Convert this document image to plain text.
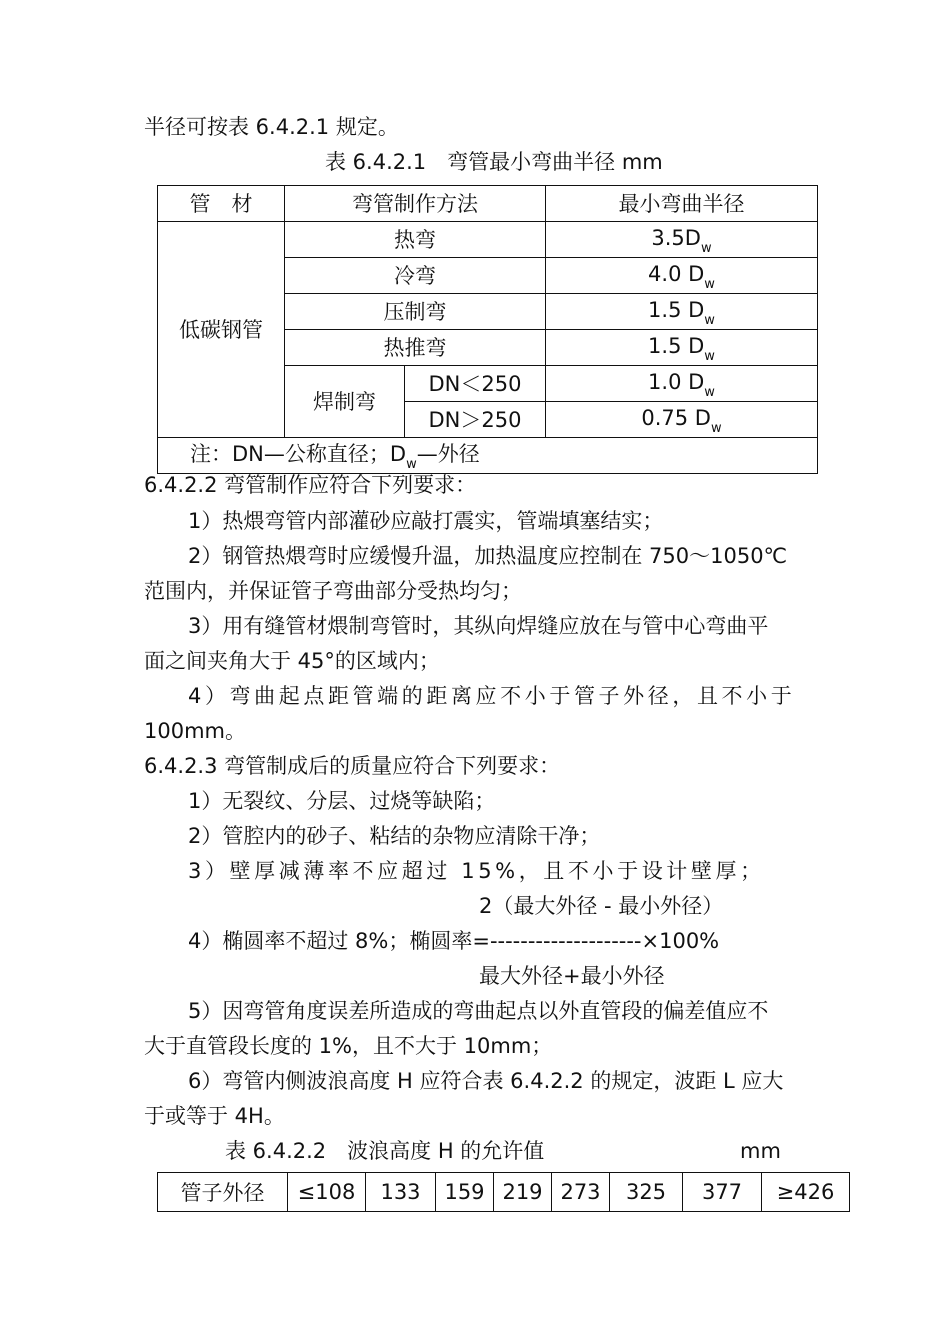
半径可按表 6.4.2.1 规定。
表 6.4.2.1　弯管最小弯曲半径 mm
管　材	弯管制作方法		最小弯曲半径
低碳钢管	热弯		$3.5D_w$
	冷弯		4.0 $D_w$
	压制弯		1.5 $D_w$
	热推弯		1.5 $D_w$
	焊制弯	DN＜250	1.0 $D_w$
		DN＞250	0.75 $D_w$
注：DN—公称直径；$D_w—$外径			
6.4.2.2 弯管制作应符合下列要求：
1）热煨弯管内部灌砂应敲打震实，管端填塞结实；
2）钢管热煨弯时应缓慢升温，加热温度应控制在 750～1050℃
范围内，并保证管子弯曲部分受热均匀；
3）用有缝管材煨制弯管时，其纵向焊缝应放在与管中心弯曲平
面之间夹角大于 45°的区域内；
4）弯曲起点距管端的距离应不小于管子外径，且不小于
100mm。
6.4.2.3 弯管制成后的质量应符合下列要求：
1）无裂纹、分层、过烧等缺陷；
2）管腔内的砂子、粘结的杂物应清除干净；
3）壁厚减薄率不应超过 15%，且不小于设计壁厚；
2（最大外径 - 最小外径）
4）椭圆率不超过 8%；椭圆率=--------------------×100%
最大外径+最小外径
5）因弯管角度误差所造成的弯曲起点以外直管段的偏差值应不
大于直管段长度的 1%，且不大于 10mm；
6）弯管内侧波浪高度 H 应符合表 6.4.2.2 的规定，波距 L 应大
于或等于 4H。
表 6.4.2.2　波浪高度 H 的允许值	mm
管子外径	≤108	133	159	219	273	325	377	≥426
